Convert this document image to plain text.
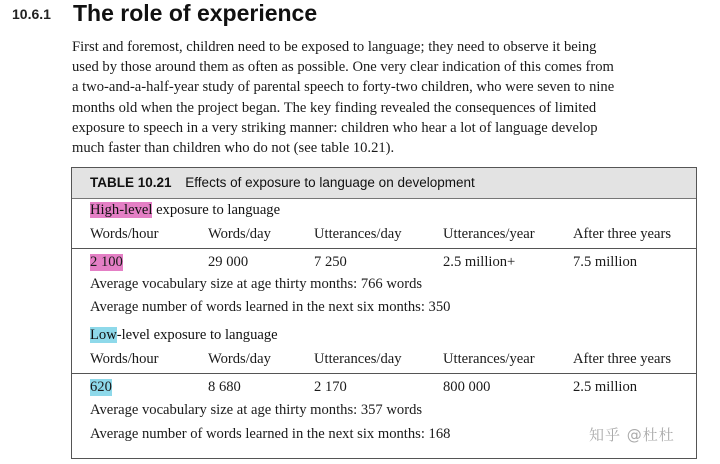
10.6.1 The role of experience
First and foremost, children need to be exposed to language; they need to observe it being
used by those around them as often as possible. One very clear indication of this comes from
a two-and-a-half-year study of parental speech to forty-two children, who were seven to nine
months old when the project began. The key finding revealed the consequences of limited
exposure to speech in a very striking manner: children who hear a lot of language develop
much faster than children who do not (see table 10.21).
TABLE 10.21 Effects of exposure to language on development
High-level exposure to language
Words/hour	Words/day	Utterances/day	Utterances/year	After three years
2 100	29 000	7 250	2.5 million+	7.5 million
Average vocabulary size at age thirty months: 766 words
Average number of words learned in the next six months: 350
Low-level exposure to language
Words/hour	Words/day	Utterances/day	Utterances/year	After three years
620	8 680	2 170	800 000	2.5 million
Average vocabulary size at age thirty months: 357 words
Average number of words learned in the next six months: 168	知乎 @杜杜
